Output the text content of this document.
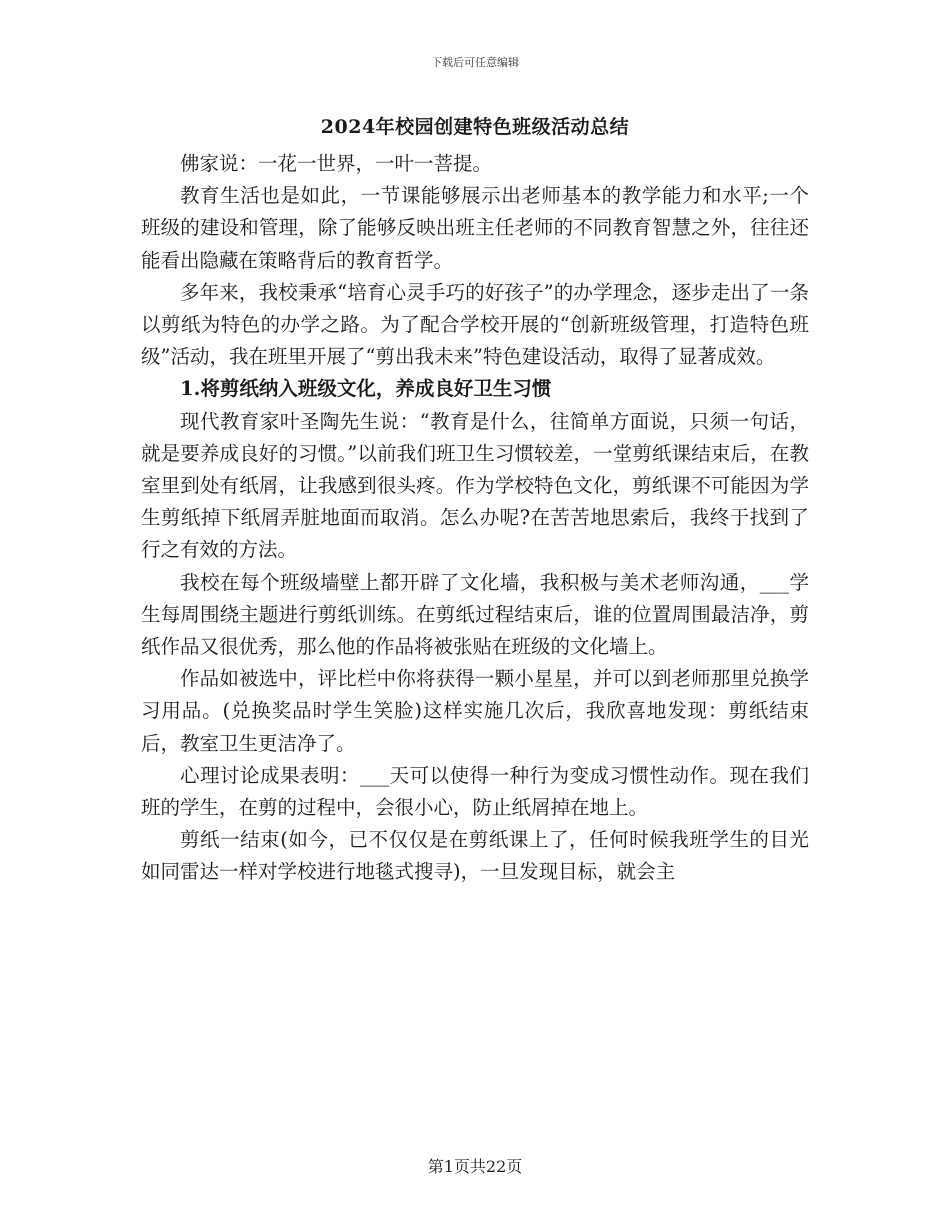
下载后可任意编辑
2024年校园创建特色班级活动总结

佛家说：一花一世界，一叶一菩提。

教育生活也是如此，一节课能够展示出老师基本的教学能力和水平;一个班级的建设和管理，除了能够反映出班主任老师的不同教育智慧之外，往往还能看出隐藏在策略背后的教育哲学。

多年来，我校秉承“培育心灵手巧的好孩子”的办学理念，逐步走出了一条以剪纸为特色的办学之路。为了配合学校开展的“创新班级管理，打造特色班级”活动，我在班里开展了“剪出我未来”特色建设活动，取得了显著成效。

1.将剪纸纳入班级文化，养成良好卫生习惯

现代教育家叶圣陶先生说：“教育是什么，往简单方面说，只须一句话，就是要养成良好的习惯。”以前我们班卫生习惯较差，一堂剪纸课结束后，在教室里到处有纸屑，让我感到很头疼。作为学校特色文化，剪纸课不可能因为学生剪纸掉下纸屑弄脏地面而取消。怎么办呢?在苦苦地思索后，我终于找到了行之有效的方法。

我校在每个班级墙壁上都开辟了文化墙，我积极与美术老师沟通，___学生每周围绕主题进行剪纸训练。在剪纸过程结束后，谁的位置周围最洁净，剪纸作品又很优秀，那么他的作品将被张贴在班级的文化墙上。

作品如被选中，评比栏中你将获得一颗小星星，并可以到老师那里兑换学习用品。(兑换奖品时学生笑脸)这样实施几次后，我欣喜地发现：剪纸结束后，教室卫生更洁净了。

心理讨论成果表明：___天可以使得一种行为变成习惯性动作。现在我们班的学生，在剪的过程中，会很小心，防止纸屑掉在地上。

剪纸一结束(如今，已不仅仅是在剪纸课上了，任何时候我班学生的目光如同雷达一样对学校进行地毯式搜寻)，一旦发现目标，就会主

第1页共22页
